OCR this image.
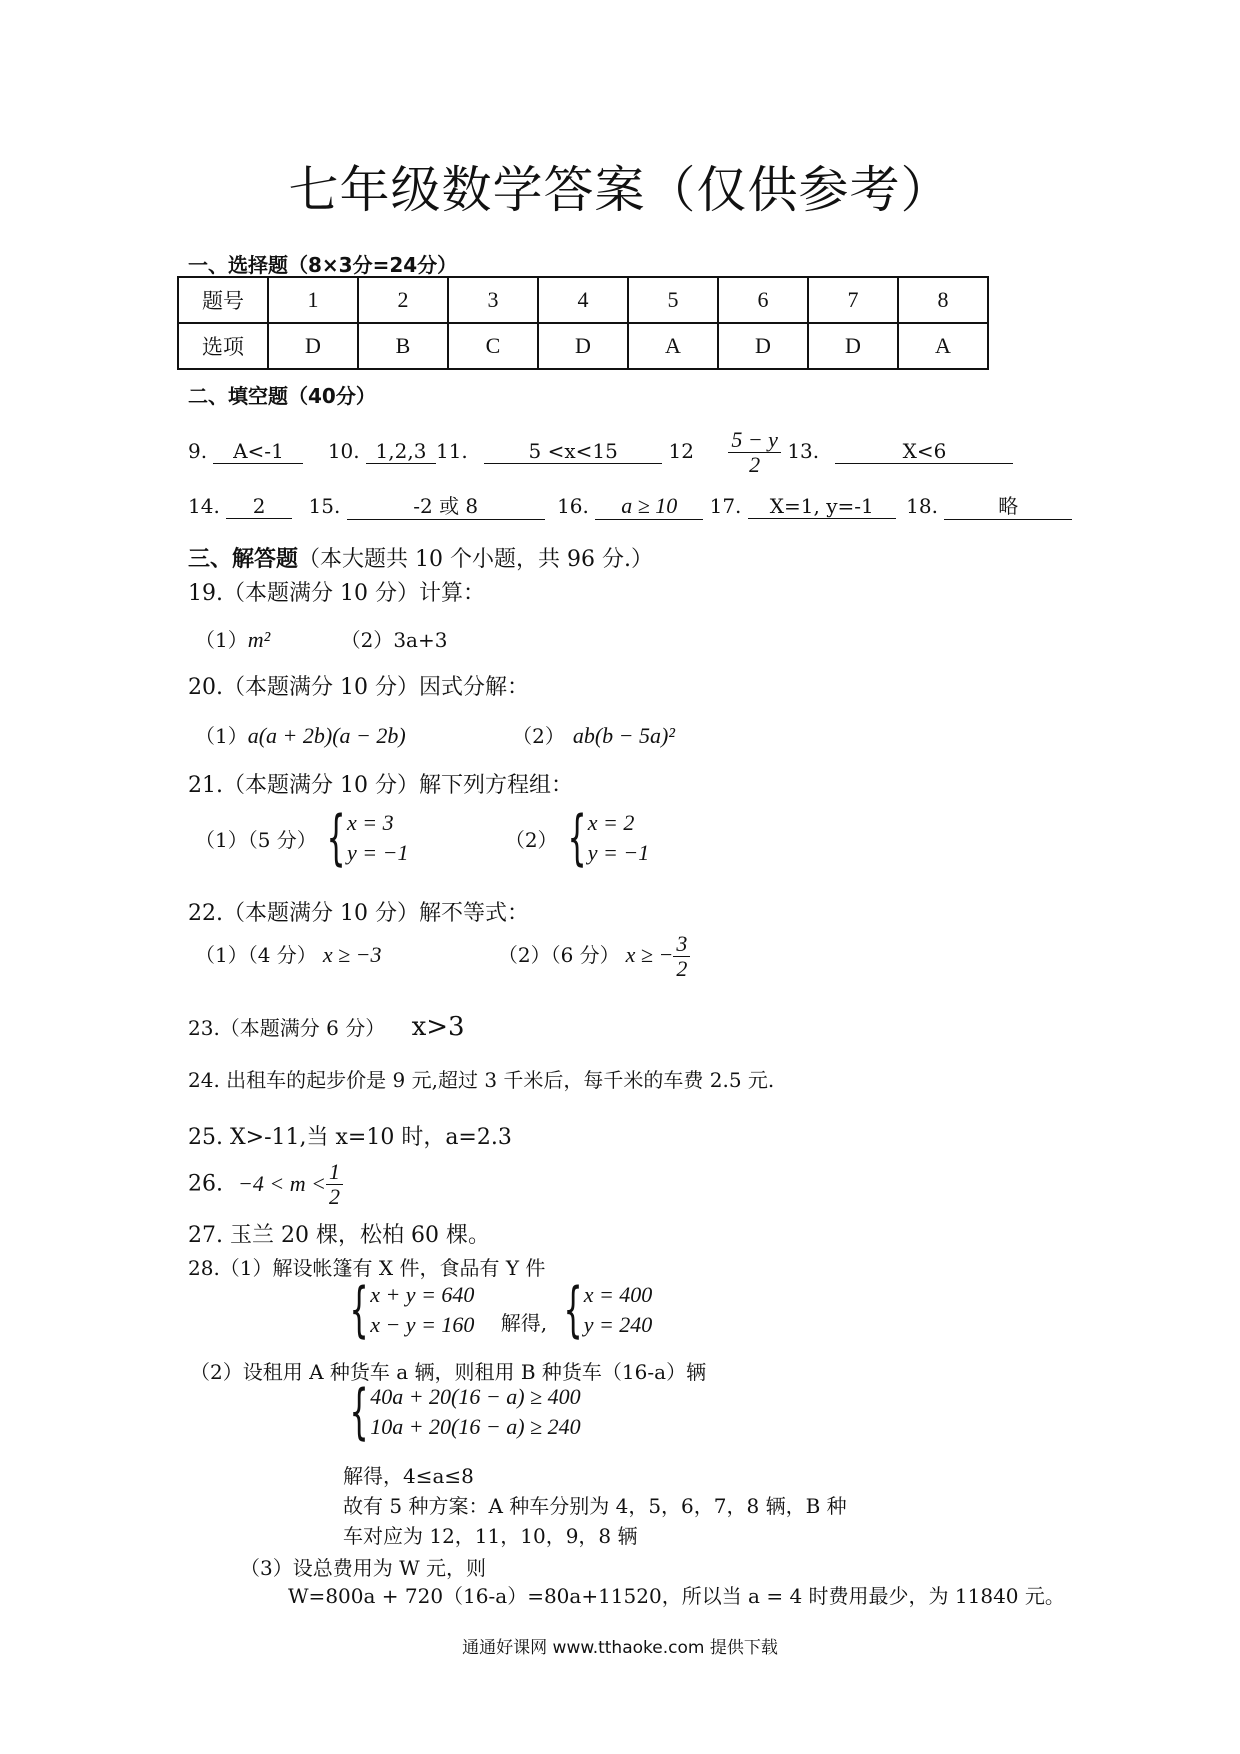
七年级数学答案（仅供参考）
一、选择题（8×3分=24分）
题号	1	2	3	4	5	6	7	8
选项	D	B	C	D	A	D	D	A
二、填空题（40分）
9. A<-1 10. 1,2,3 11.	5 <x<15	$12 \frac{5 - y}{2} 13$.	X<6
14. 2 15.	-2 或 8	16. a ≥ 10 17. X=1, y=-1 18.	略
三、解答题（本大题共 10 个小题，共 96 分.）
19.（本题满分 10 分）计算：
（1）m²	（2）3a+3
20.（本题满分 10 分）因式分解：
（1）a(a + 2b)(a − 2b)	（2） ab(b − 5a)²
21.（本题满分 10 分）解下列方程组：
（1）（5 分） { x = 3
y = −1

（2） { x = 2
y = −1
22.（本题满分 10 分）解不等式：
（1）（4 分） x ≥ −3	（2）（6 分） x ≥ − $\frac{3}{2}$
23.（本题满分 6 分） x>3
24. 出租车的起步价是 9 元,超过 3 千米后，每千米的车费 2.5 元.
25. X>-11,当 x=10 时，a=2.3
26. $-4 < m < \frac{1}{2}$
27. 玉兰 20 棵，松柏 60 棵。
28.（1）解设帐篷有 X 件，食品有 Y 件
{ x + y = 640
x − y = 160 解得, { x = 400
y = 240
（2）设租用 A 种货车 a 辆，则租用 B 种货车（16-a）辆
{ 40a + 20(16 − a) ≥ 400
10a + 20(16 − a) ≥ 240
解得，4≤a≤8
故有 5 种方案：A 种车分别为 4，5，6，7，8 辆，B 种
车对应为 12，11，10，9，8 辆
（3）设总费用为 W 元，则
W=800a + 720（16-a）=80a+11520，所以当 a = 4 时费用最少，为 11840 元。
通通好课网 www.tthaoke.com 提供下载
